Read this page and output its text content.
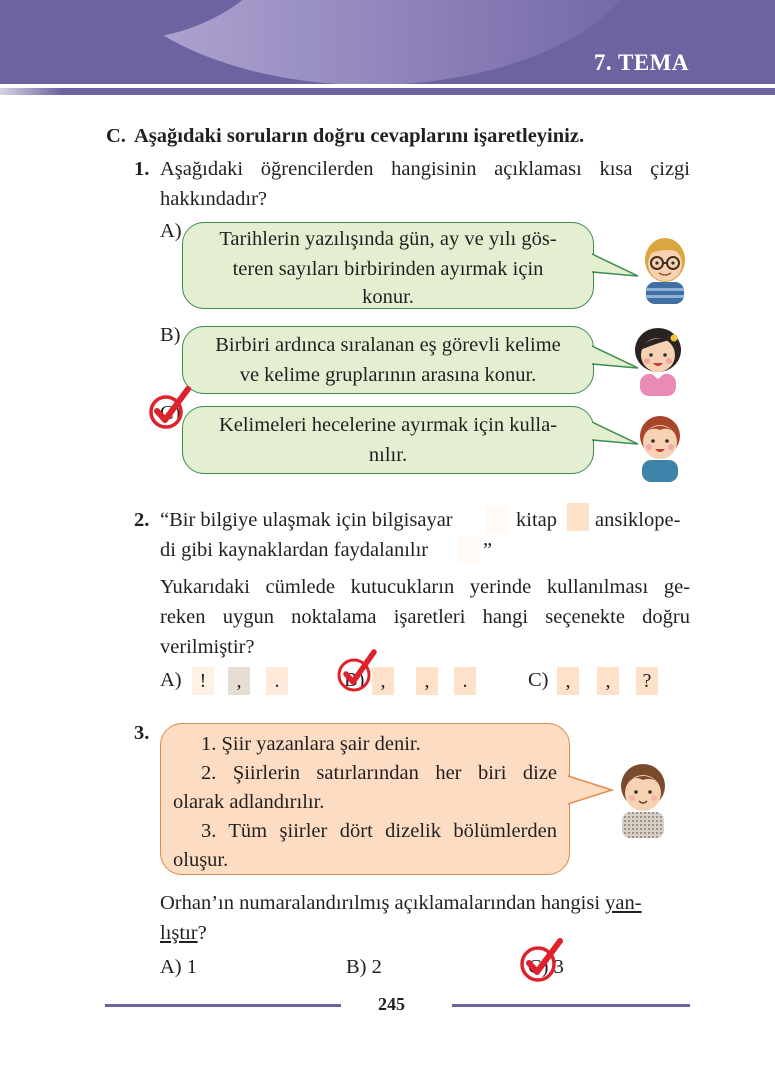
7. TEMA
C. Aşağıdaki soruların doğru cevaplarını işaretleyiniz.
1. Aşağıdaki öğrencilerden hangisinin açıklaması kısa çizgi
hakkındadır?
A)	Tarihlerin yazılışında gün, ay ve yılı gös-
teren sayıları birbirinden ayırmak için
konur.
B)	Birbiri ardınca sıralanan eş görevli kelime
ve kelime gruplarının arasına konur.
C)
Kelimeleri hecelerine ayırmak için kulla-
nılır.
2. “Bir bilgiye ulaşmak için bilgisayar	kitap ansiklope-
di gibi kaynaklardan faydalanılır	”
Yukarıdaki cümlede kutucukların yerinde kullanılması ge-
reken uygun noktalama işaretleri hangi seçenekte doğru
verilmiştir?
A) !	,	.	B) ,	,	.	C) ,	,	?
3.	1. Şiir yazanlara şair denir.
2. Şiirlerin satırlarından her biri dize
olarak adlandırılır.
3. Tüm şiirler dört dizelik bölümlerden
oluşur.
Orhan’ın numaralandırılmış açıklamalarından hangisi yan-
lıştır?
A) 1	B) 2	C) 3
245
